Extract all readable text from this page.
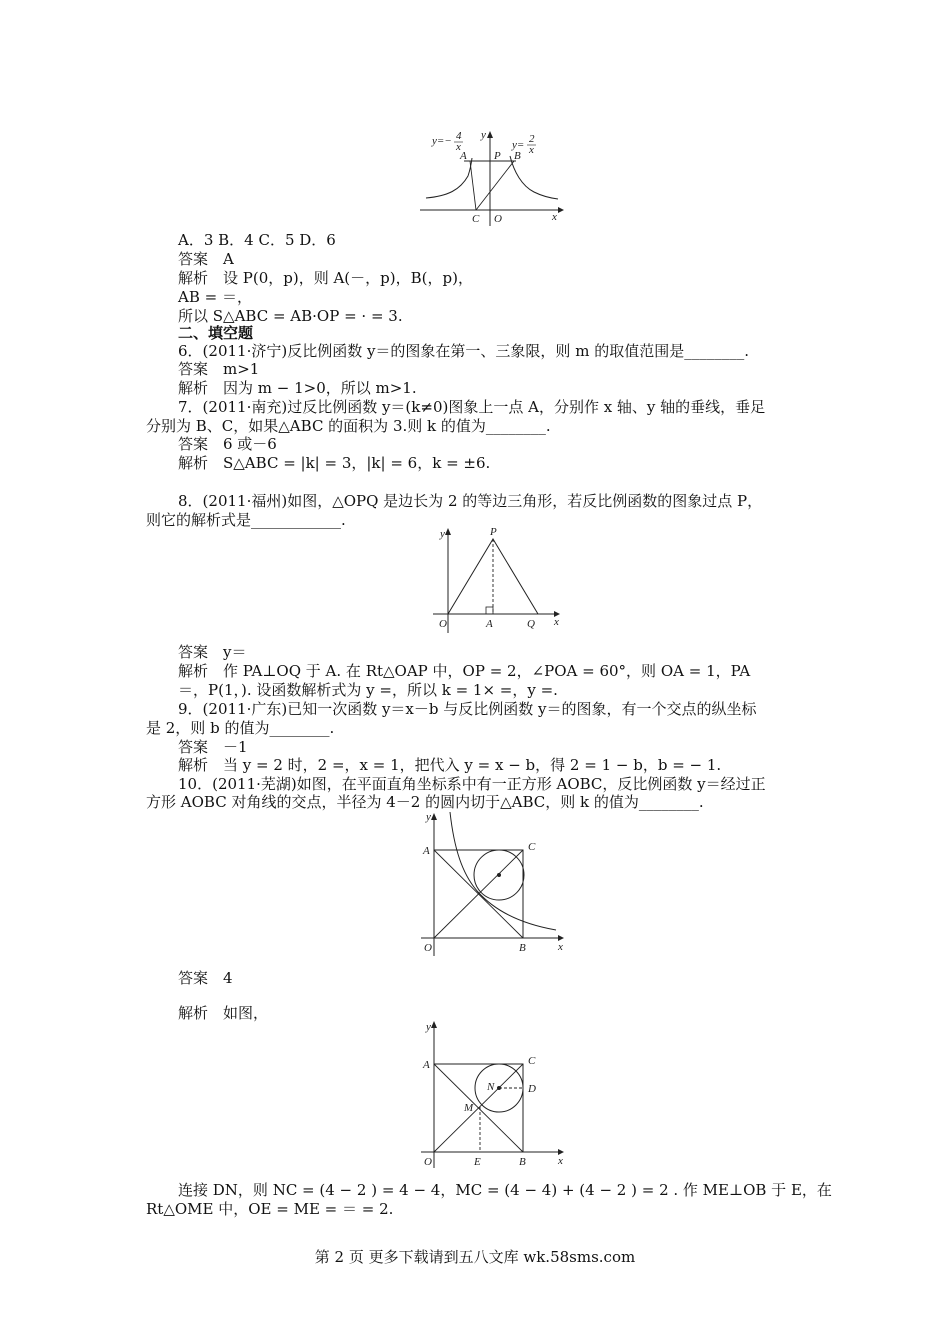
y=− 4
x
y
y= 2
x
A P B
C O	x
A．3 B．4 C．5 D．6
答案　A
解析　设 P(0，p)，则 A(－，p)，B(，p)，
AB = ＝，
所以 S△ABC = AB·OP = · = 3.
二、填空题
6．(2011·济宁)反比例函数 y＝的图象在第一、三象限，则 m 的取值范围是________.
答案　m>1
解析　因为 m − 1>0，所以 m>1.
7．(2011·南充)过反比例函数 y＝(k≠0)图象上一点 A，分别作 x 轴、y 轴的垂线，垂足
分别为 B、C，如果△ABC 的面积为 3.则 k 的值为________.
答案　6 或－6
解析　S△ABC = |k| = 3，|k| = 6，k = ±6.
8．(2011·福州)如图，△OPQ 是边长为 2 的等边三角形，若反比例函数的图象过点 P，
则它的解析式是____________.
y	P
O	A	Q x
答案　y＝
解析　作 PA⊥OQ 于 A. 在 Rt△OAP 中，OP = 2，∠POA = 60°，则 OA = 1，PA
＝，P(1，). 设函数解析式为 y =，所以 k = 1× =，y =.
9．(2011·广东)已知一次函数 y＝x－b 与反比例函数 y＝的图象，有一个交点的纵坐标
是 2，则 b 的值为________.
答案　－1
解析　当 y = 2 时，2 =，x = 1，把代入 y = x − b，得 2 = 1 − b，b = − 1.
10．(2011·芜湖)如图，在平面直角坐标系中有一正方形 AOBC，反比例函数 y＝经过正
方形 AOBC 对角线的交点，半径为 4－2 的圆内切于△ABC，则 k 的值为________.
y
A	C
O	B	x
答案　4
解析　如图，
y
A	C
N	D
M
O	E	B	x
连接 DN，则 NC = (4 − 2 ) = 4 − 4，MC = (4 − 4) + (4 − 2 ) = 2 . 作 ME⊥OB 于 E，在
Rt△OME 中，OE = ME = ＝ = 2.
第 2 页 更多下载请到五八文库 wk.58sms.com
